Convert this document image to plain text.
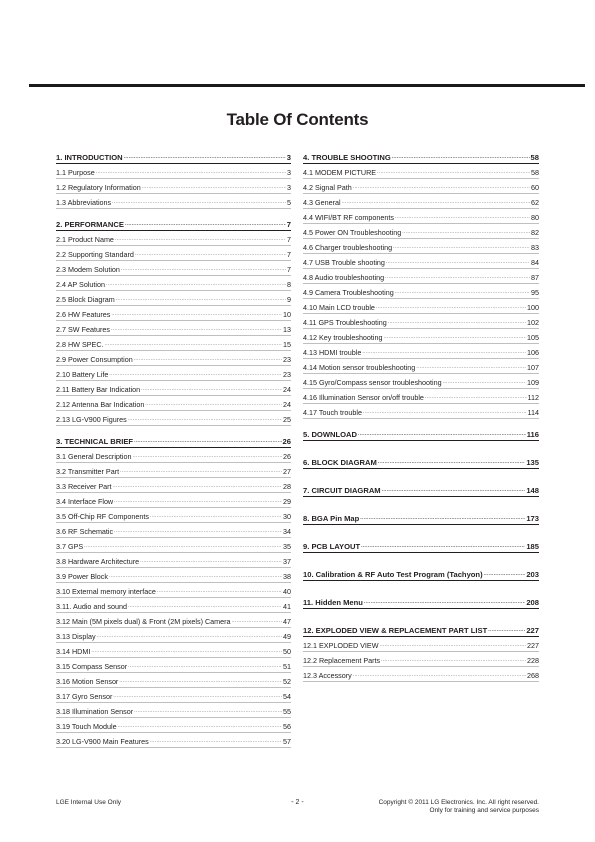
Table Of Contents
1. INTRODUCTION .....	3
1.1 Purpose .....	3
1.2 Regulatory Information .....	3
1.3 Abbreviations .....	5
2. PERFORMANCE .....	7
2.1 Product Name .....	7
2.2 Supporting Standard .....	7
2.3 Modem Solution .....	7
2.4 AP Solution .....	8
2.5 Block Diagram .....	9
2.6 HW Features .....	10
2.7 SW Features .....	13
2.8 HW SPEC. .....	15
2.9 Power Consumption .....	23
2.10 Battery Life .....	23
2.11 Battery Bar Indication .....	24
2.12 Antenna Bar Indication .....	24
2.13 LG-V900 Figures .....	25
3. TECHNICAL BRIEF .....	26
3.1 General Description .....	26
3.2 Transmitter Part .....	27
3.3 Receiver Part .....	28
3.4 Interface Flow .....	29
3.5 Off-Chip RF Components .....	30
3.6 RF Schematic .....	34
3.7 GPS .....	35
3.8 Hardware Architecture .....	37
3.9 Power Block .....	38
3.10 External memory interface .....	40
3.11. Audio and sound .....	41
3.12 Main (5M pixels dual) & Front (2M pixels) Camera .....	47
3.13 Display .....	49
3.14 HDMI .....	50
3.15 Compass Sensor .....	51
3.16 Motion Sensor .....	52
3.17 Gyro Sensor .....	54
3.18 Illumination Sensor .....	55
3.19 Touch Module .....	56
3.20 LG-V900 Main Features .....	57
4. TROUBLE SHOOTING .....	58
4.1 MODEM PICTURE .....	58
4.2 Signal Path .....	60
4.3 General .....	62
4.4 WIFI/BT RF components .....	80
4.5 Power ON Troubleshooting .....	82
4.6 Charger troubleshooting .....	83
4.7 USB Trouble shooting .....	84
4.8 Audio troubleshooting .....	87
4.9 Camera Troubleshooting .....	95
4.10 Main LCD trouble .....	100
4.11 GPS Troubleshooting .....	102
4.12 Key troubleshooting .....	105
4.13 HDMI trouble .....	106
4.14 Motion sensor troubleshooting .....	107
4.15 Gyro/Compass sensor troubleshooting .....	109
4.16 Illumination Sensor on/off trouble .....	112
4.17 Touch trouble .....	114
5. DOWNLOAD .....	116
6. BLOCK DIAGRAM .....	135
7. CIRCUIT DIAGRAM .....	148
8. BGA Pin Map .....	173
9. PCB LAYOUT .....	185
10. Calibration & RF Auto Test Program (Tachyon) .....	203
11. Hidden Menu .....	208
12. EXPLODED VIEW & REPLACEMENT PART LIST .....	227
12.1 EXPLODED VIEW .....	227
12.2 Replacement Parts .....	228
12.3 Accessory .....	268
LGE Internal Use Only	- 2 -	Copyright © 2011 LG Electronics. Inc. All right reserved.
Only for training and service purposes
